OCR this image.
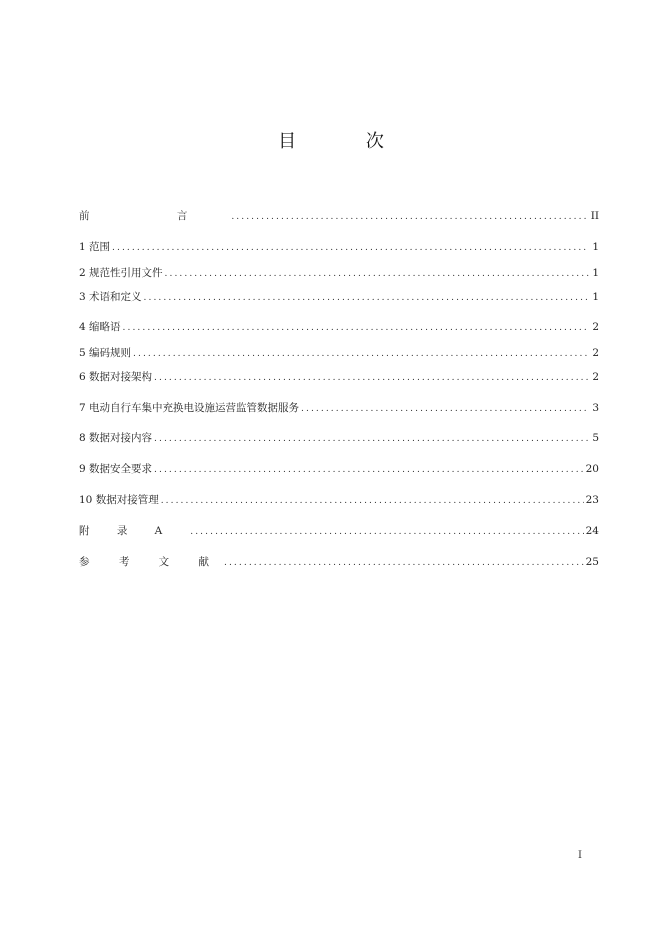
目 次
前 言 .....	II
1 范围 .....	1
2 规范性引用文件 .....	1
3 术语和定义 .....	1
4 缩略语 .....	2
5 编码规则 .....	2
6 数据对接架构 .....	2
7 电动自行车集中充换电设施运营监管数据服务 .....	3
8 数据对接内容 .....	5
9 数据安全要求 .....	20
10 数据对接管理 .....	23
附 录 A .....	24
参 考 文 献 .....	25
I
